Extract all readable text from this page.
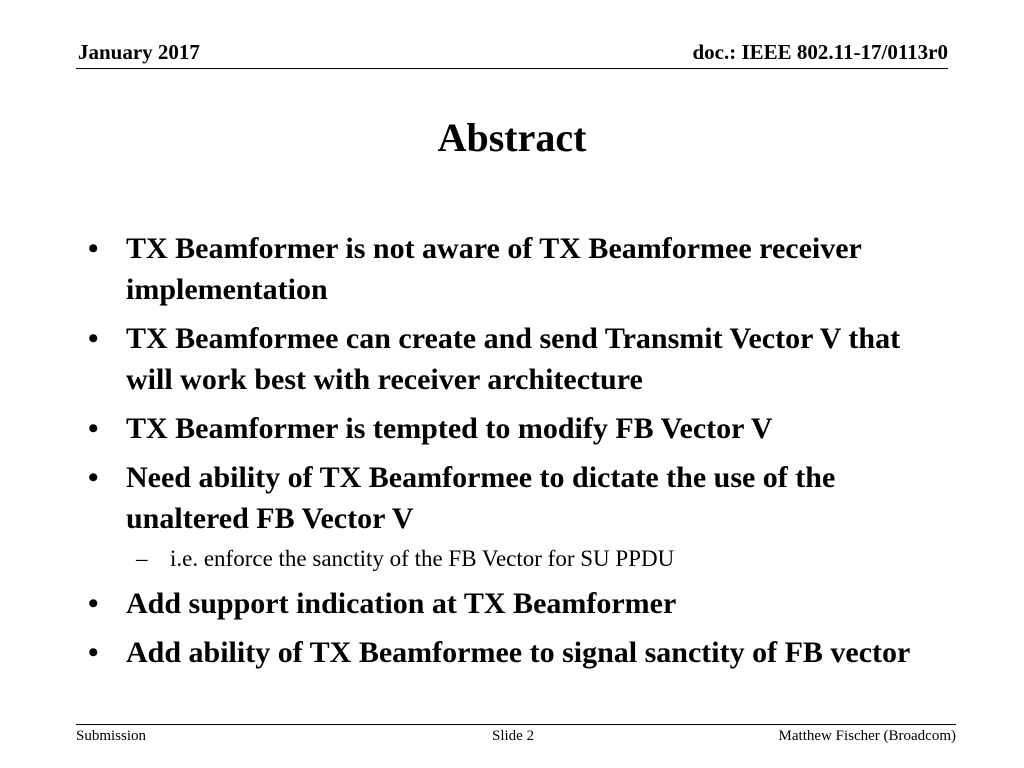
January 2017	doc.: IEEE 802.11-17/0113r0
Abstract
• TX Beamformer is not aware of TX Beamformee receiver implementation
• TX Beamformee can create and send Transmit Vector V that will work best with receiver architecture
• TX Beamformer is tempted to modify FB Vector V
• Need ability of TX Beamformee to dictate the use of the unaltered FB Vector V
– i.e. enforce the sanctity of the FB Vector for SU PPDU
• Add support indication at TX Beamformer
• Add ability of TX Beamformee to signal sanctity of FB vector
Submission	Slide 2	Matthew Fischer (Broadcom)
